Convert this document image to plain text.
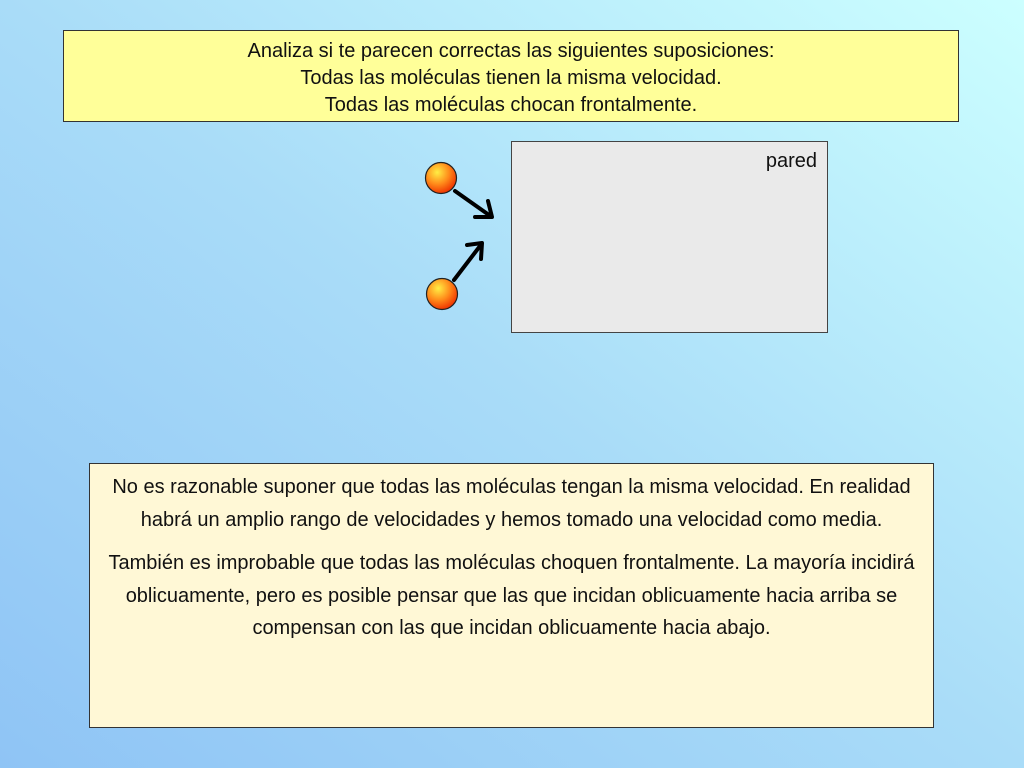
Analiza si te parecen correctas las siguientes suposiciones:
Todas las moléculas tienen la misma velocidad.
Todas las moléculas chocan frontalmente.
pared

No es razonable suponer que todas las moléculas tengan la misma velocidad. En realidad habrá un amplio rango de velocidades y hemos tomado una velocidad como media.

También es improbable que todas las moléculas choquen frontalmente. La mayoría incidirá oblicuamente, pero es posible pensar que las que incidan oblicuamente hacia arriba se compensan con las que incidan oblicuamente hacia abajo.
